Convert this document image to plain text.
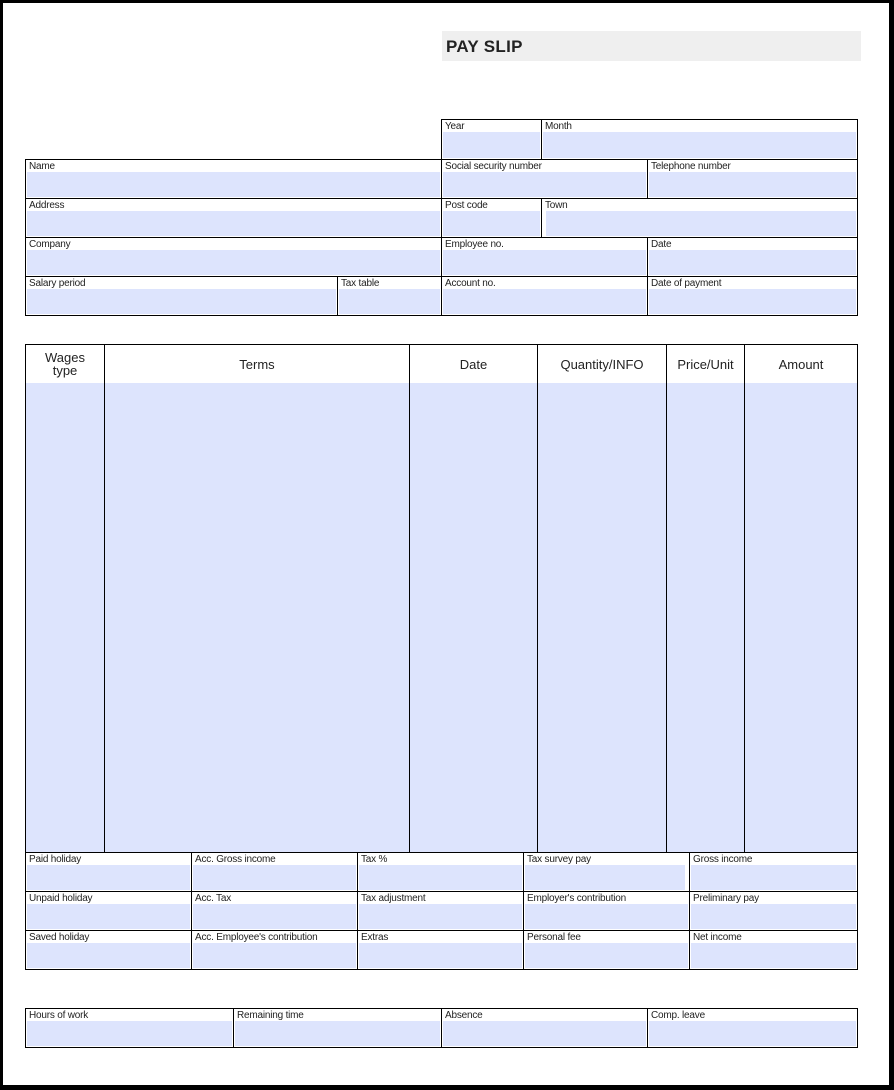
PAY SLIP
Year	Month
Name	Social security number	Telephone number
Address	Post code	Town
Company	Employee no.	Date
Salary period	Tax table	Account no.	Date of payment
Wages type	Terms	Date	Quantity/INFO	Price/Unit	Amount
Paid holiday	Acc. Gross income	Tax %	Tax survey pay	Gross income
Unpaid holiday	Acc. Tax	Tax adjustment	Employer's contribution	Preliminary pay
Saved holiday	Acc. Employee's contribution	Extras	Personal fee	Net income
Hours of work	Remaining time	Absence	Comp. leave
